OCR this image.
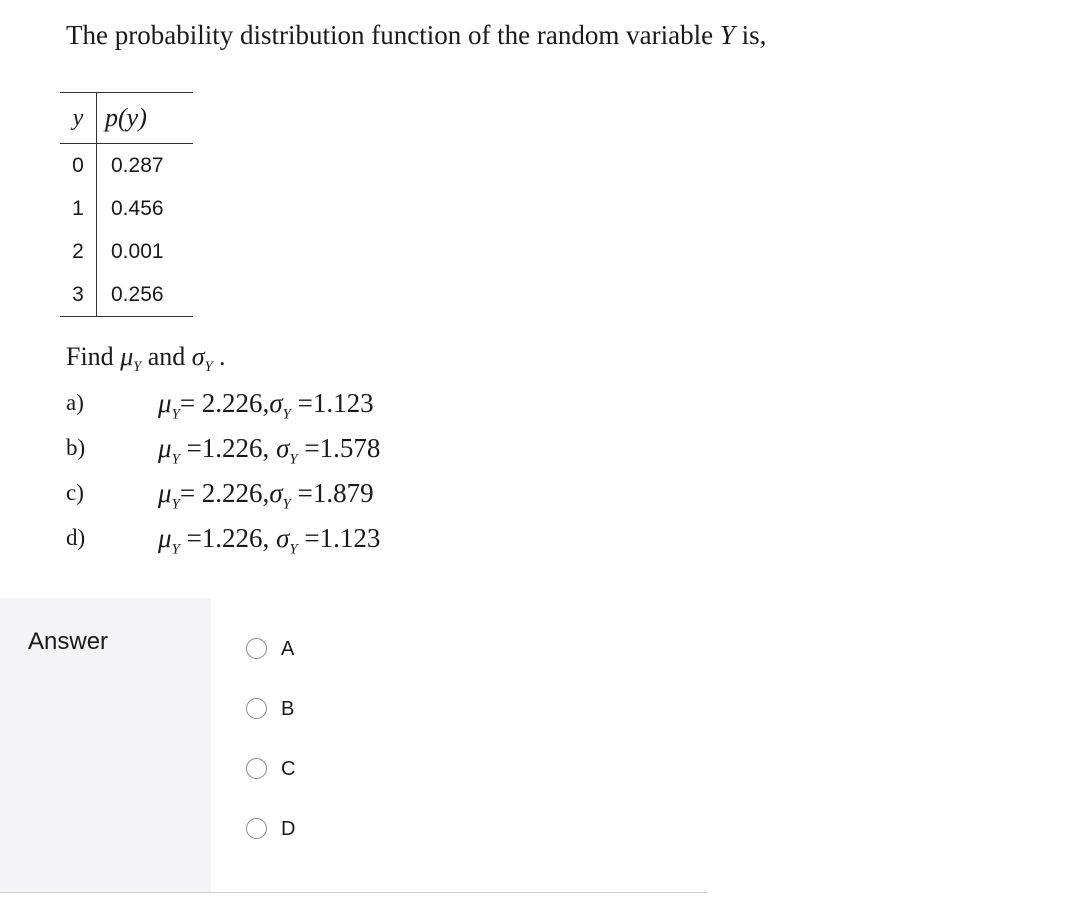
The probability distribution function of the random variable Y is,
y	p(y)
0	0.287
1	0.456
2	0.001
3	0.256
Find $\mu_Y$ and $\sigma_Y$ .
a)	$\mu_Y= 2.226,\sigma_Y =1.123$
b)	$\mu_Y =1.226$, $\sigma_Y =1.578$
c)	$\mu_Y= 2.226,\sigma_Y =1.879$
d)	$\mu_Y =1.226$, $\sigma_Y =1.123$
Answer	A
B
C
D
